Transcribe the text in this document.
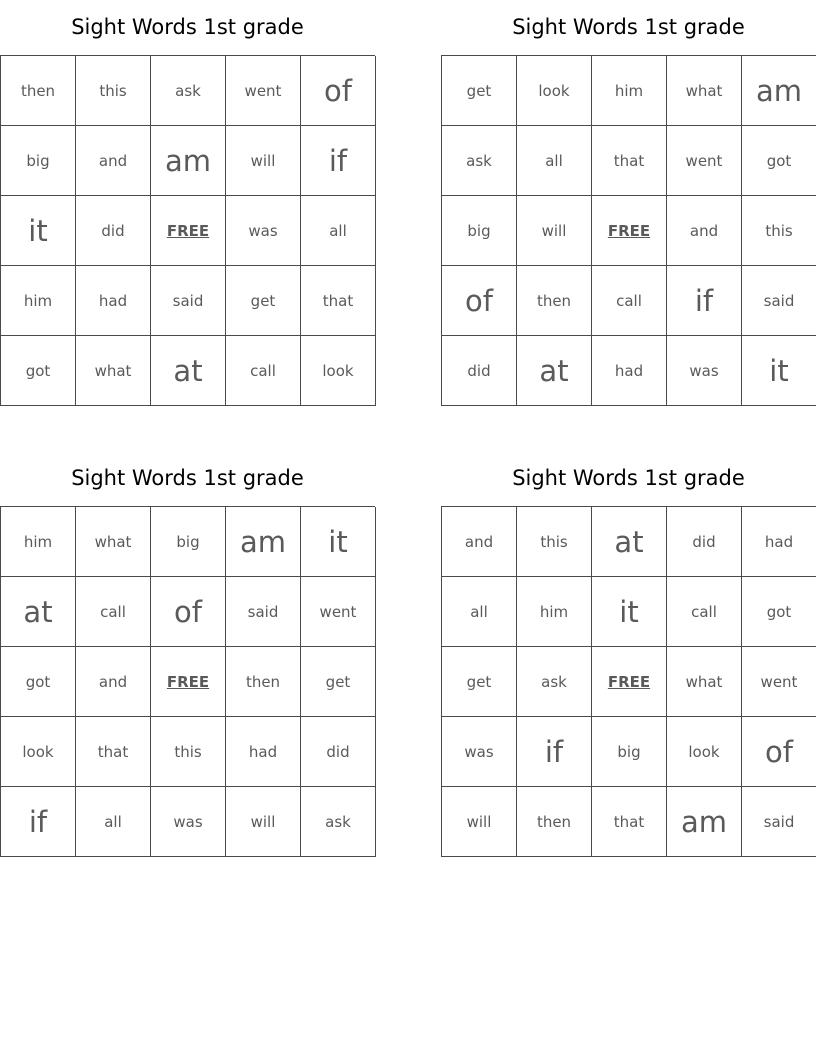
Sight Words 1st grade
then	this	ask	went	of
big	and	am	will	if
it	did	FREE	was	all
him	had	said	get	that
got	what	at	call	look
Sight Words 1st grade
get	look	him	what	am
ask	all	that	went	got
big	will	FREE	and	this
of	then	call	if	said
did	at	had	was	it
Sight Words 1st grade
him	what	big	am	it
at	call	of	said	went
got	and	FREE	then	get
look	that	this	had	did
if	all	was	will	ask
Sight Words 1st grade
and	this	at	did	had
all	him	it	call	got
get	ask	FREE	what	went
was	if	big	look	of
will	then	that	am	said
